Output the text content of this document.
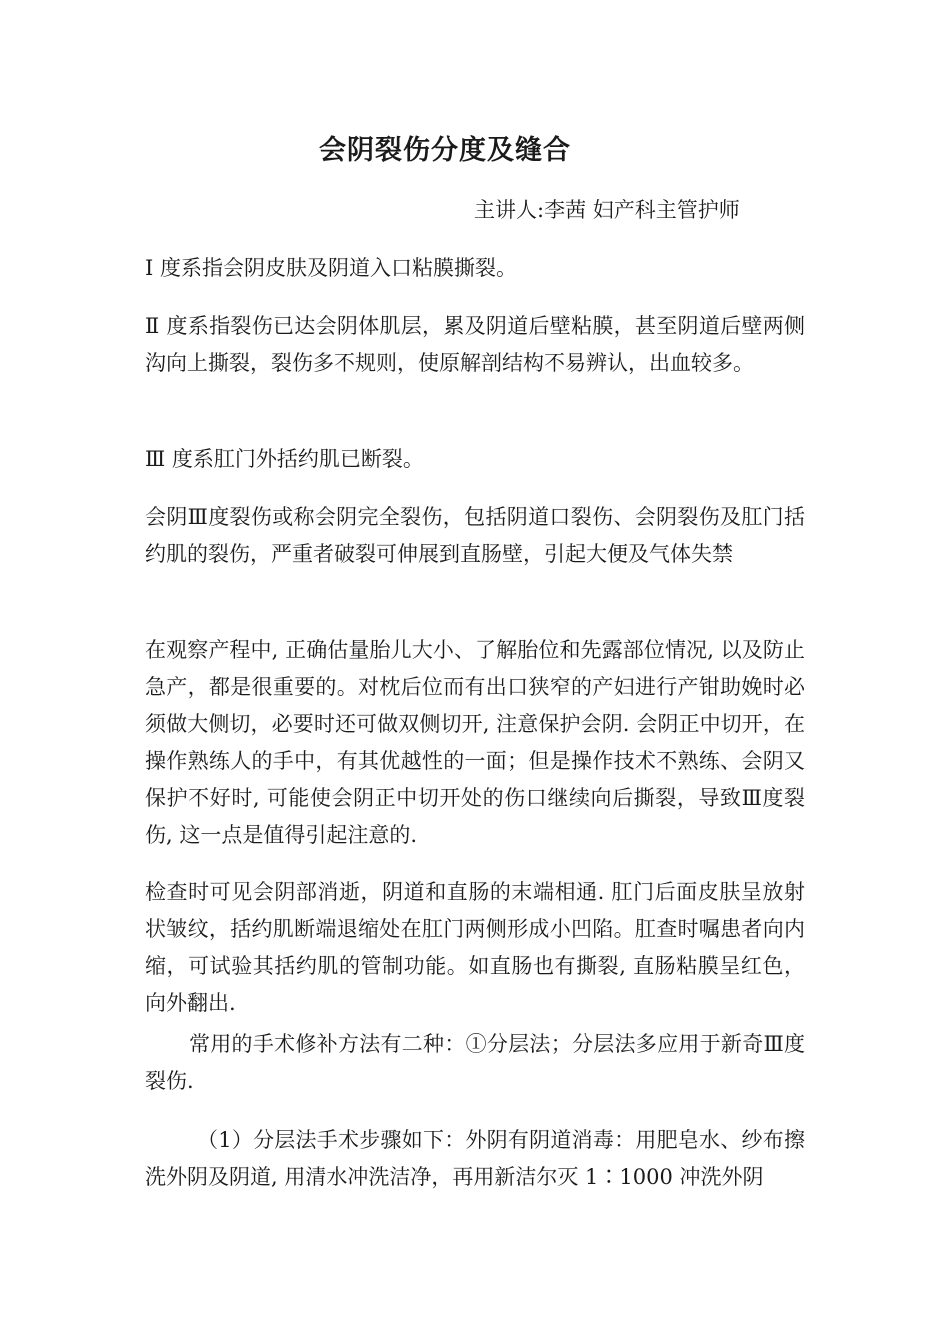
会阴裂伤分度及缝合
主讲人:李茜 妇产科主管护师

Ⅰ 度系指会阴皮肤及阴道入口粘膜撕裂。

Ⅱ 度系指裂伤已达会阴体肌层，累及阴道后壁粘膜，甚至阴道后壁两侧沟向上撕裂，裂伤多不规则，使原解剖结构不易辨认，出血较多。

Ⅲ 度系肛门外括约肌已断裂。

会阴Ⅲ度裂伤或称会阴完全裂伤，包括阴道口裂伤、会阴裂伤及肛门括约肌的裂伤，严重者破裂可伸展到直肠壁，引起大便及气体失禁

在观察产程中, 正确估量胎儿大小、了解胎位和先露部位情况, 以及防止急产，都是很重要的。对枕后位而有出口狭窄的产妇进行产钳助娩时必须做大侧切，必要时还可做双侧切开, 注意保护会阴. 会阴正中切开，在操作熟练人的手中，有其优越性的一面；但是操作技术不熟练、会阴又保护不好时, 可能使会阴正中切开处的伤口继续向后撕裂，导致Ⅲ度裂伤, 这一点是值得引起注意的.

检查时可见会阴部消逝，阴道和直肠的末端相通. 肛门后面皮肤呈放射状皱纹，括约肌断端退缩处在肛门两侧形成小凹陷。肛查时嘱患者向内缩，可试验其括约肌的管制功能。如直肠也有撕裂, 直肠粘膜呈红色，向外翻出.

常用的手术修补方法有二种：①分层法；分层法多应用于新奇Ⅲ度裂伤.

（1）分层法手术步骤如下：外阴有阴道消毒：用肥皂水、纱布擦洗外阴及阴道, 用清水冲洗洁净，再用新洁尔灭 1∶1000 冲洗外阴
